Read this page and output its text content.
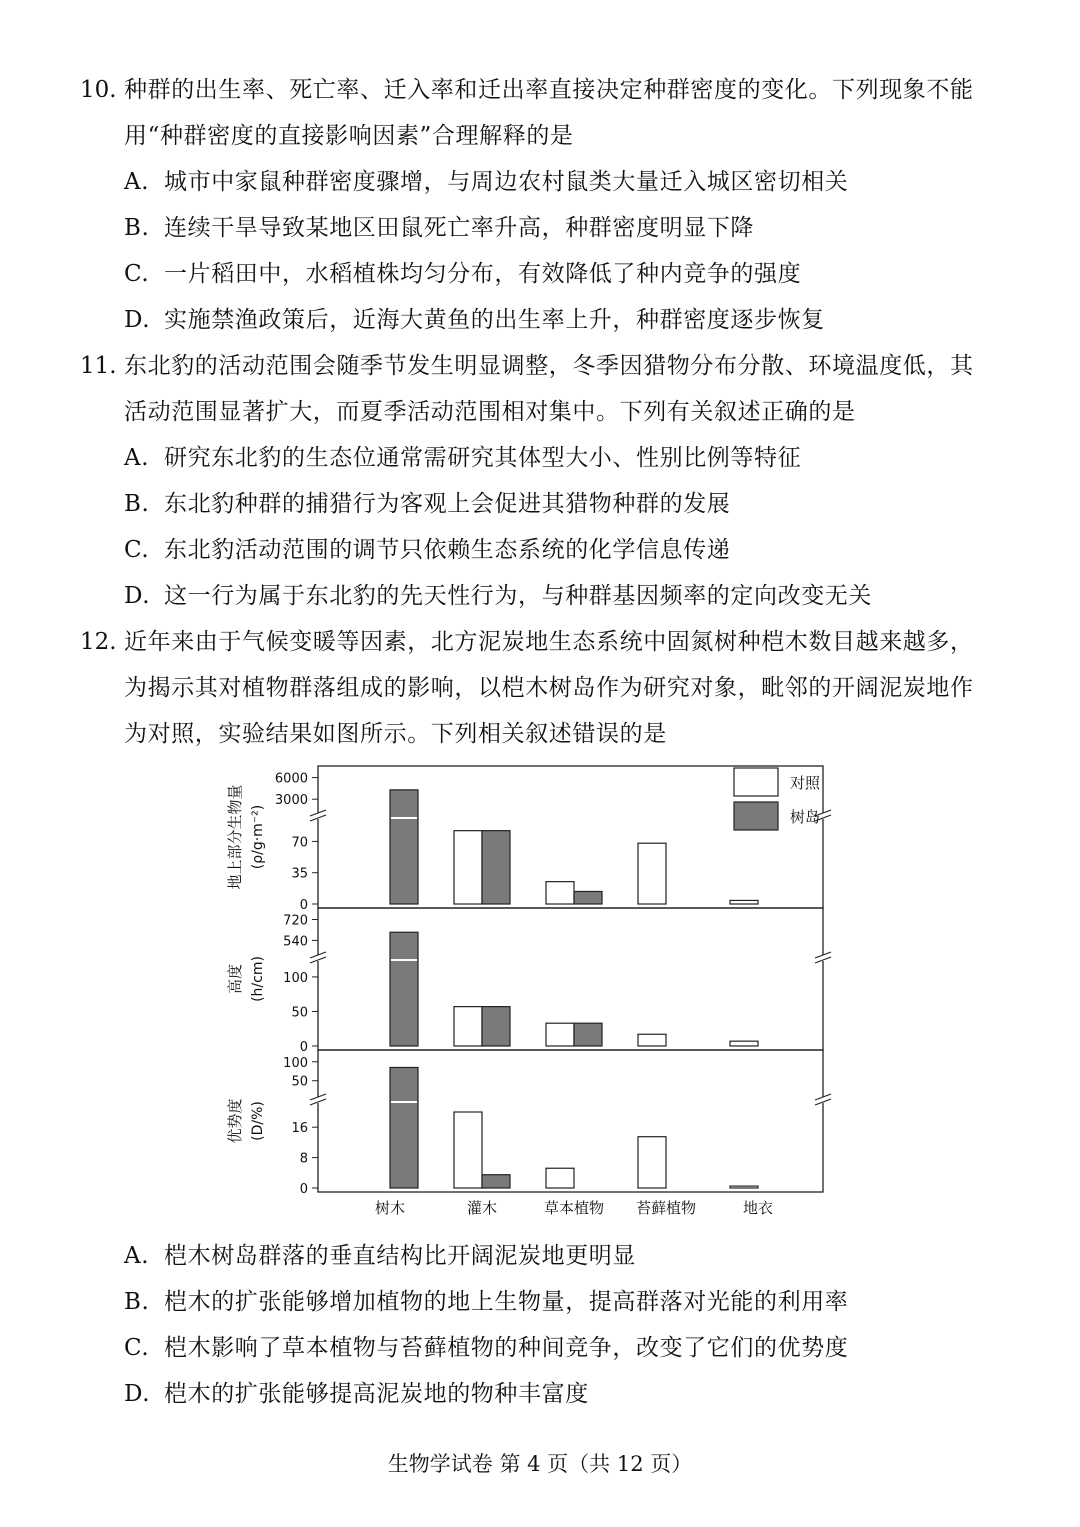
10. 种群的出生率、死亡率、迁入率和迁出率直接决定种群密度的变化。下列现象不能
用“种群密度的直接影响因素”合理解释的是
A. 城市中家鼠种群密度骤增，与周边农村鼠类大量迁入城区密切相关
B. 连续干旱导致某地区田鼠死亡率升高，种群密度明显下降
C. 一片稻田中，水稻植株均匀分布，有效降低了种内竞争的强度
D. 实施禁渔政策后，近海大黄鱼的出生率上升，种群密度逐步恢复
11. 东北豹的活动范围会随季节发生明显调整，冬季因猎物分布分散、环境温度低，其
活动范围显著扩大，而夏季活动范围相对集中。下列有关叙述正确的是
A. 研究东北豹的生态位通常需研究其体型大小、性别比例等特征
B. 东北豹种群的捕猎行为客观上会促进其猎物种群的发展
C. 东北豹活动范围的调节只依赖生态系统的化学信息传递
D. 这一行为属于东北豹的先天性行为，与种群基因频率的定向改变无关
12. 近年来由于气候变暖等因素，北方泥炭地生态系统中固氮树种桤木数目越来越多，
为揭示其对植物群落组成的影响，以桤木树岛作为研究对象，毗邻的开阔泥炭地作
为对照，实验结果如图所示。下列相关叙述错误的是
0
35
70
3000
6000
地上部分生物量 (ρ/g·m⁻²)
0
50
100
540
720
高度 (h/cm)
0
8
16
50
100
优势度 (D/%)
树木	灌木	草本植物 苔藓植物	地衣
对照
树岛
A. 桤木树岛群落的垂直结构比开阔泥炭地更明显
B. 桤木的扩张能够增加植物的地上生物量，提高群落对光能的利用率
C. 桤木影响了草本植物与苔藓植物的种间竞争，改变了它们的优势度
D. 桤木的扩张能够提高泥炭地的物种丰富度
生物学试卷 第 4 页（共 12 页）
